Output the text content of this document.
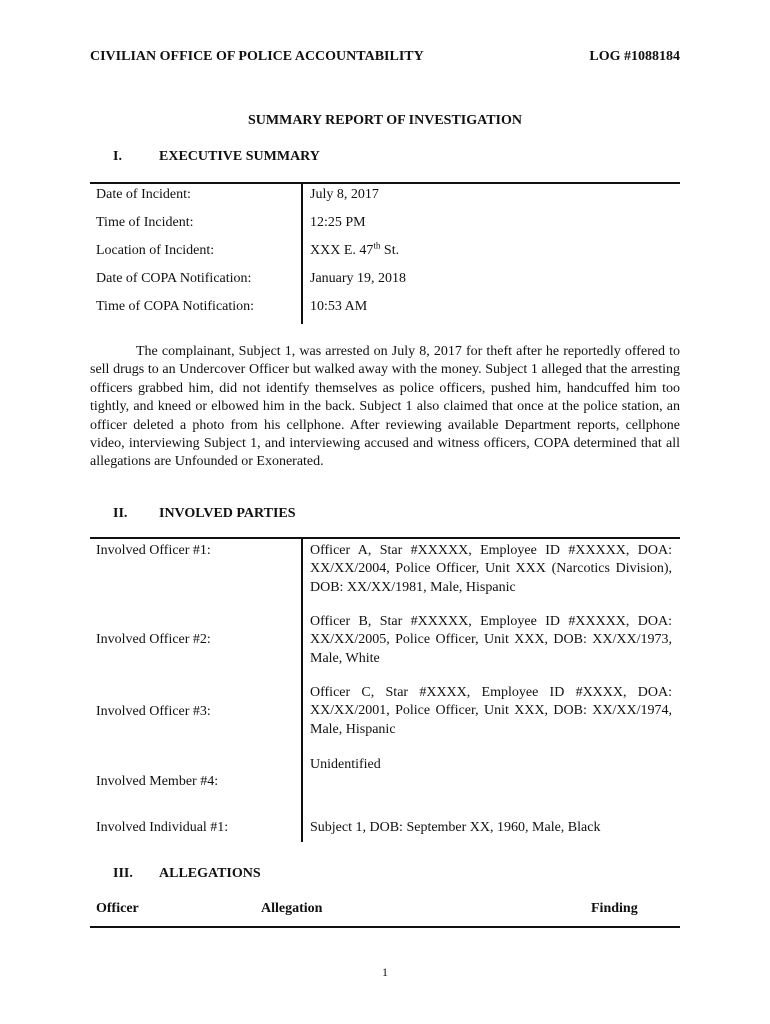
CIVILIAN OFFICE OF POLICE ACCOUNTABILITY	LOG #1088184
SUMMARY REPORT OF INVESTIGATION
I.	EXECUTIVE SUMMARY
Date of Incident:	July 8, 2017
Time of Incident:	12:25 PM
Location of Incident:	XXX E. 47th St.
Date of COPA Notification:	January 19, 2018
Time of COPA Notification:	10:53 AM
The complainant, Subject 1, was arrested on July 8, 2017 for theft after he reportedly offered to sell drugs to an Undercover Officer but walked away with the money. Subject 1 alleged that the arresting officers grabbed him, did not identify themselves as police officers, pushed him, handcuffed him too tightly, and kneed or elbowed him in the back. Subject 1 also claimed that once at the police station, an officer deleted a photo from his cellphone. After reviewing available Department reports, cellphone video, interviewing Subject 1, and interviewing accused and witness officers, COPA determined that all allegations are Unfounded or Exonerated.
II. INVOLVED PARTIES
Involved Officer #1:	Officer A, Star #XXXXX, Employee ID #XXXXX, DOA: XX/XX/2004, Police Officer, Unit XXX (Narcotics Division), DOB: XX/XX/1981, Male, Hispanic
Involved Officer #2:
Officer B, Star #XXXXX, Employee ID #XXXXX, DOA: XX/XX/2005, Police Officer, Unit XXX, DOB: XX/XX/1973, Male, White
Involved Officer #3:
Officer C, Star #XXXX, Employee ID #XXXX, DOA: XX/XX/2001, Police Officer, Unit XXX, DOB: XX/XX/1974, Male, Hispanic
Involved Member #4:
Unidentified
Involved Individual #1:	Subject 1, DOB: September XX, 1960, Male, Black
III. ALLEGATIONS
Officer	Allegation	Finding
1
